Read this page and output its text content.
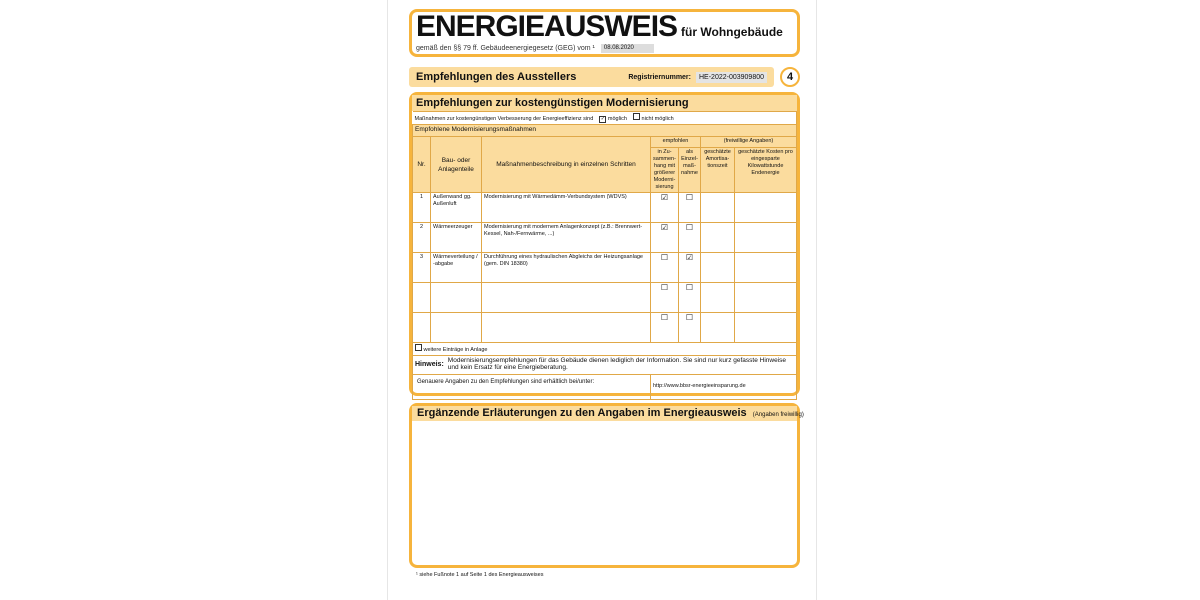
ENERGIEAUSWEIS für Wohngebäude
gemäß den §§ 79 ff. Gebäudeenergiegesetz (GEG) vom ¹	08.08.2020
Empfehlungen des Ausstellers	Registriernummer:	HE-2022-003909800	4
Empfehlungen zur kostengünstigen Modernisierung
Maßnahmen zur kostengünstigen Verbesserung der Energieeffizienz sind ✓ möglich nicht möglich						
Empfohlene Modernisierungsmaßnahmen						
Nr.	Bau- oder Anlagenteile	Maßnahmenbeschreibung in einzelnen Schritten	empfohlen		(freiwillige Angaben)	
			in Zu-sammen-hang mit größerer Moderni-sierung	als Einzel-maß-nahme	geschätzte Amortisa-tionszeit	geschätzte Kosten pro eingesparte Kilowattstunde Endenergie
1	Außenwand gg. Außenluft	Modernisierung mit Wärmedämm-Verbundsystem (WDVS)	☑	☐		
2	Wärmeerzeuger	Modernisierung mit modernem Anlagenkonzept (z.B.: Brennwert-Kessel, Nah-/Fernwärme, ...)	☑	☐		
3	Wärmeverteilung / -abgabe	Durchführung eines hydraulischen Abgleichs der Heizungsanlage (gem. DIN 18380)	☐	☑		
			☐	☐		
			☐	☐		
weitere Einträge in Anlage						

Hinweis: Modernisierungsempfehlungen für das Gebäude dienen lediglich der Information. Sie sind nur kurz gefasste Hinweise und kein Ersatz für eine Energieberatung.						

Genauere Angaben zu den Empfehlungen sind erhältlich bei/unter:			http://www.bbsr-energieeinsparung.de			
Ergänzende Erläuterungen zu den Angaben im Energieausweis (Angaben freiwillig)
¹ siehe Fußnote 1 auf Seite 1 des Energieausweises
